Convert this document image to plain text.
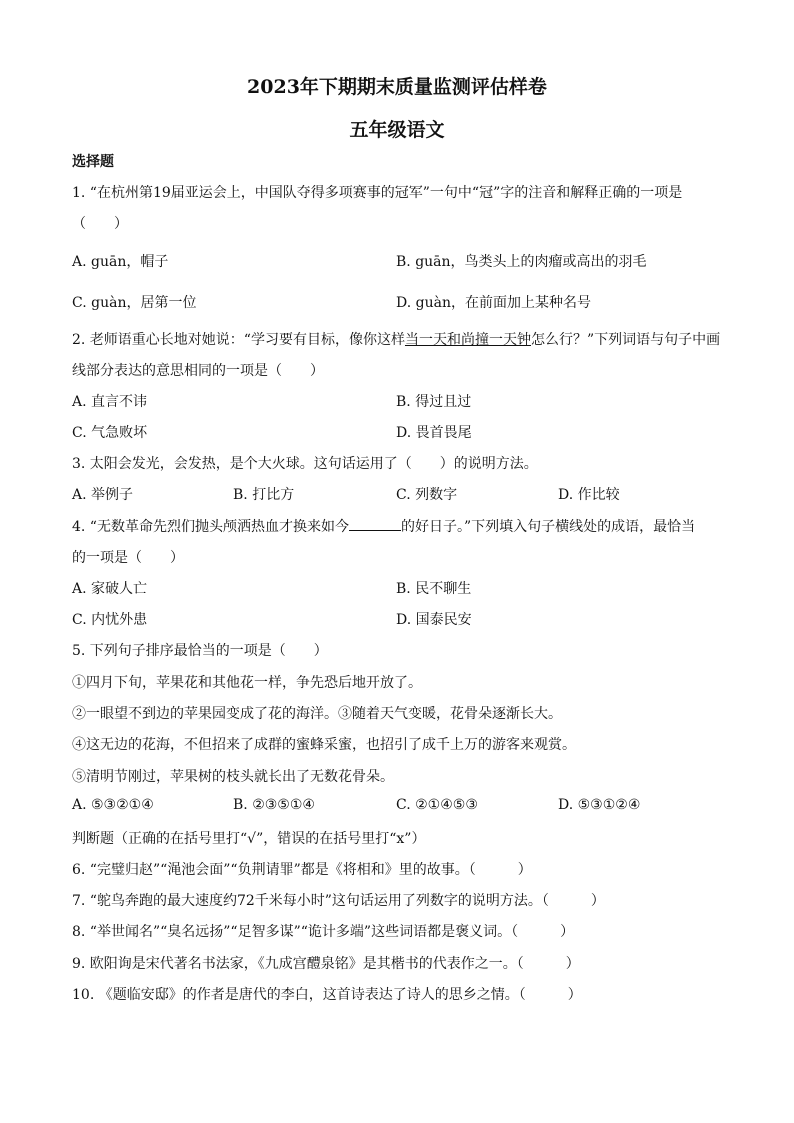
2023年下期期末质量监测评估样卷
五年级语文
选择题
1. “在杭州第19届亚运会上，中国队夺得多项赛事的冠军”一句中“冠”字的注音和解释正确的一项是
（　　）
A. guān，帽子	B. guān，鸟类头上的肉瘤或高出的羽毛
C. guàn，居第一位	D. guàn，在前面加上某种名号
2. 老师语重心长地对她说：“学习要有目标，像你这样当一天和尚撞一天钟怎么行？”下列词语与句子中画
线部分表达的意思相同的一项是（　　）
A. 直言不讳	B. 得过且过
C. 气急败坏	D. 畏首畏尾
3. 太阳会发光，会发热，是个大火球。这句话运用了（　　）的说明方法。
A. 举例子	B. 打比方	C. 列数字	D. 作比较
4. “无数革命先烈们抛头颅洒热血才换来如今	的好日子。”下列填入句子横线处的成语，最恰当
的一项是（　　）
A. 家破人亡	B. 民不聊生
C. 内忧外患	D. 国泰民安
5. 下列句子排序最恰当的一项是（　　）
①四月下旬，苹果花和其他花一样，争先恐后地开放了。
②一眼望不到边的苹果园变成了花的海洋。③随着天气变暖，花骨朵逐渐长大。
④这无边的花海，不但招来了成群的蜜蜂采蜜，也招引了成千上万的游客来观赏。
⑤清明节刚过，苹果树的枝头就长出了无数花骨朵。
A. ⑤③②①④	B. ②③⑤①④	C. ②①④⑤③	D. ⑤③①②④
判断题（正确的在括号里打“√”，错误的在括号里打“x”）
6. “完璧归赵”“渑池会面”“负荆请罪”都是《将相和》里的故事。（　　　）
7. “鸵鸟奔跑的最大速度约72千米每小时”这句话运用了列数字的说明方法。（　　　）
8. “举世闻名”“臭名远扬”“足智多谋”“诡计多端”这些词语都是褒义词。（　　　）
9. 欧阳询是宋代著名书法家，《九成宫醴泉铭》是其楷书的代表作之一。（　　　）
10. 《题临安邸》的作者是唐代的李白，这首诗表达了诗人的思乡之情。（　　　）
